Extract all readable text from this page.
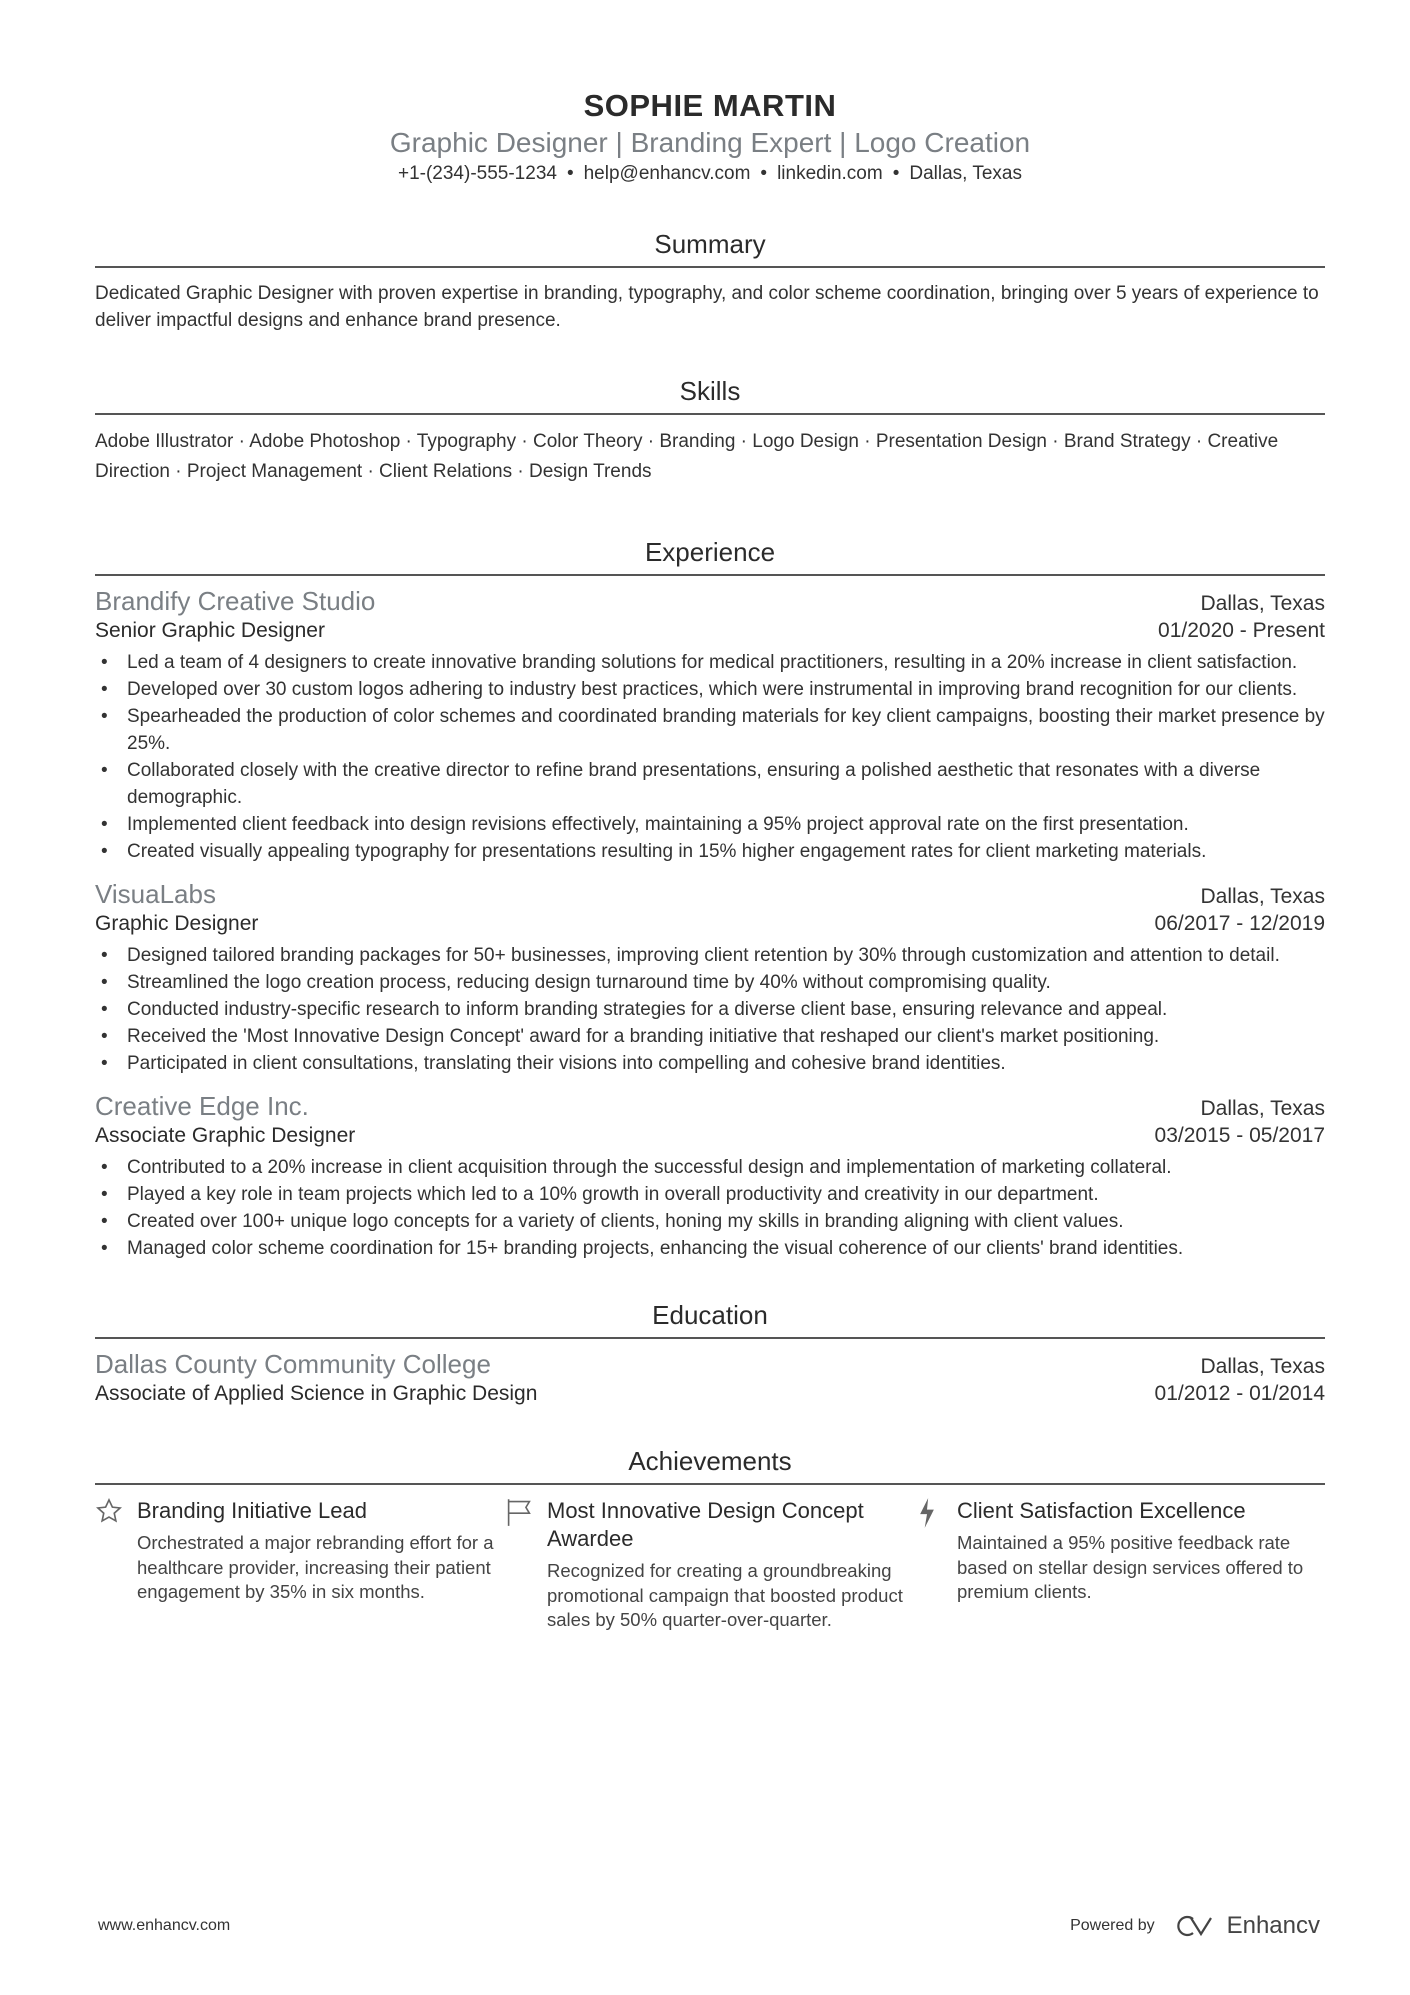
SOPHIE MARTIN
Graphic Designer | Branding Expert | Logo Creation
+1-(234)-555-1234 • help@enhancv.com • linkedin.com • Dallas, Texas
Summary
Dedicated Graphic Designer with proven expertise in branding, typography, and color scheme coordination, bringing over 5 years of experience to deliver impactful designs and enhance brand presence.
Skills
Adobe Illustrator · Adobe Photoshop · Typography · Color Theory · Branding · Logo Design · Presentation Design · Brand Strategy · Creative Direction · Project Management · Client Relations · Design Trends
Experience
Brandify Creative Studio	Dallas, Texas
Senior Graphic Designer	01/2020 - Present
• Led a team of 4 designers to create innovative branding solutions for medical practitioners, resulting in a 20% increase in client satisfaction.
• Developed over 30 custom logos adhering to industry best practices, which were instrumental in improving brand recognition for our clients.
• Spearheaded the production of color schemes and coordinated branding materials for key client campaigns, boosting their market presence by 25%.
• Collaborated closely with the creative director to refine brand presentations, ensuring a polished aesthetic that resonates with a diverse demographic.
• Implemented client feedback into design revisions effectively, maintaining a 95% project approval rate on the first presentation.
• Created visually appealing typography for presentations resulting in 15% higher engagement rates for client marketing materials.
VisuaLabs	Dallas, Texas
Graphic Designer	06/2017 - 12/2019
• Designed tailored branding packages for 50+ businesses, improving client retention by 30% through customization and attention to detail.
• Streamlined the logo creation process, reducing design turnaround time by 40% without compromising quality.
• Conducted industry-specific research to inform branding strategies for a diverse client base, ensuring relevance and appeal.
• Received the 'Most Innovative Design Concept' award for a branding initiative that reshaped our client's market positioning.
• Participated in client consultations, translating their visions into compelling and cohesive brand identities.
Creative Edge Inc.	Dallas, Texas
Associate Graphic Designer	03/2015 - 05/2017
• Contributed to a 20% increase in client acquisition through the successful design and implementation of marketing collateral.
• Played a key role in team projects which led to a 10% growth in overall productivity and creativity in our department.
• Created over 100+ unique logo concepts for a variety of clients, honing my skills in branding aligning with client values.
• Managed color scheme coordination for 15+ branding projects, enhancing the visual coherence of our clients' brand identities.
Education
Dallas County Community College	Dallas, Texas
Associate of Applied Science in Graphic Design	01/2012 - 01/2014
Achievements
Branding Initiative Lead
Orchestrated a major rebranding effort for a healthcare provider, increasing their patient engagement by 35% in six months.
Most Innovative Design Concept Awardee
Recognized for creating a groundbreaking promotional campaign that boosted product sales by 50% quarter-over-quarter.
Client Satisfaction Excellence
Maintained a 95% positive feedback rate based on stellar design services offered to premium clients.
www.enhancv.com	Powered by	Enhancv
